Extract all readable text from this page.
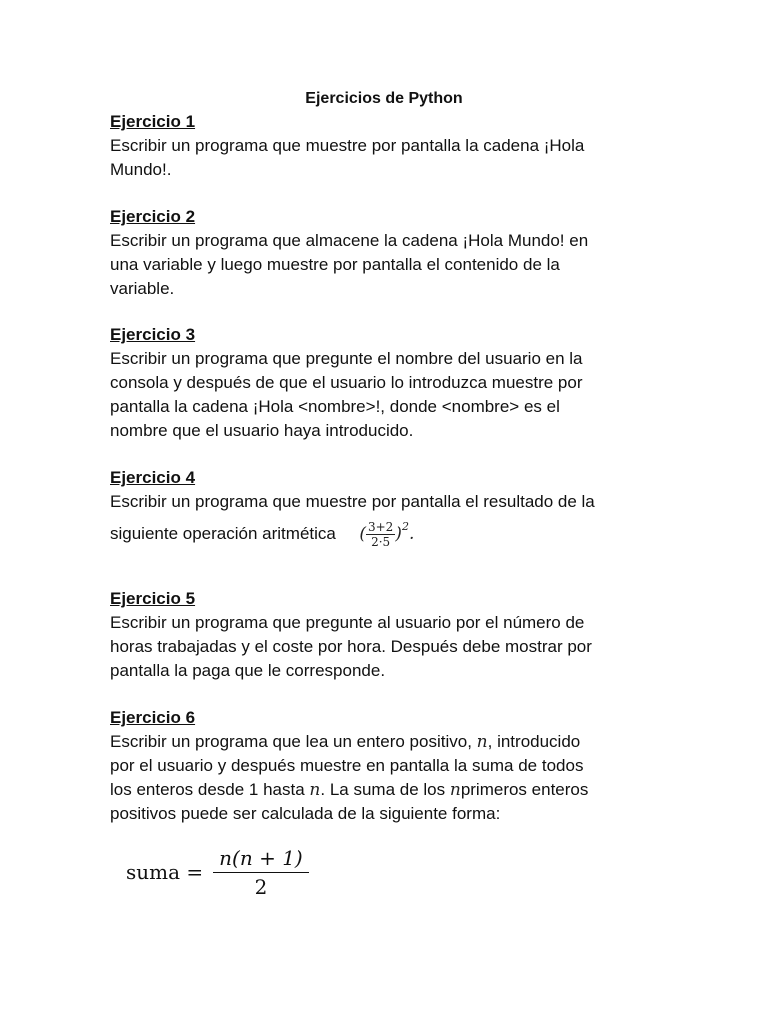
Ejercicios de Python
Ejercicio 1

Escribir un programa que muestre por pantalla la cadena ¡Hola

Mundo!.

Ejercicio 2

Escribir un programa que almacene la cadena ¡Hola Mundo! en

una variable y luego muestre por pantalla el contenido de la

variable.

Ejercicio 3

Escribir un programa que pregunte el nombre del usuario en la

consola y después de que el usuario lo introduzca muestre por

pantalla la cadena ¡Hola <nombre>!, donde <nombre> es el

nombre que el usuario haya introducido.

Ejercicio 4

Escribir un programa que muestre por pantalla el resultado de la

siguiente operación aritmética  ( $\frac{3+2}{2\cdot 5} )^2$.

Ejercicio 5

Escribir un programa que pregunte al usuario por el número de

horas trabajadas y el coste por hora. Después debe mostrar por

pantalla la paga que le corresponde.

Ejercicio 6

Escribir un programa que lea un entero positivo, n, introducido

por el usuario y después muestre en pantalla la suma de todos

los enteros desde 1 hasta n. La suma de los nprimeros enteros

positivos puede ser calculada de la siguiente forma:

suma = $\frac{n(n + 1)}{2}$
